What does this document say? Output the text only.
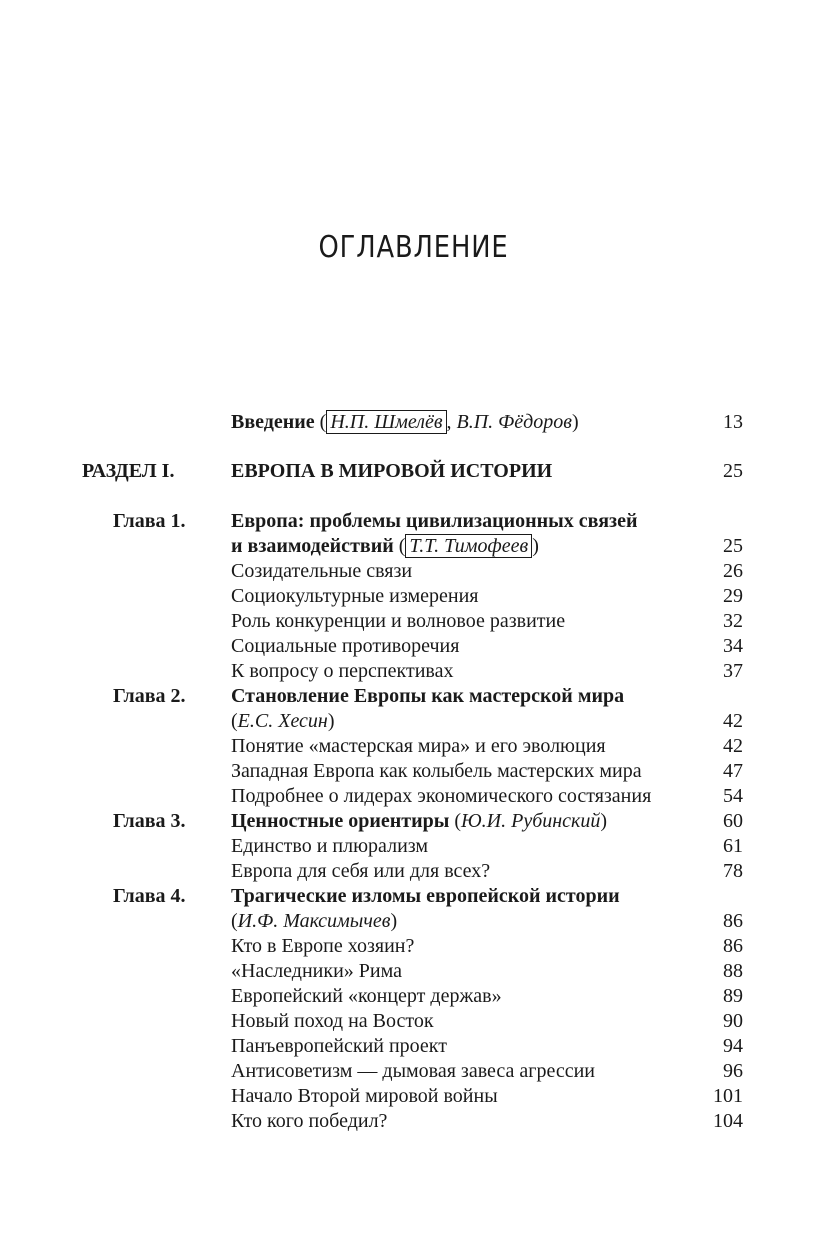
ОГЛАВЛЕНИЕ
Введение ( Н.П. Шмелёв , В.П. Фёдоров)	13
РАЗДЕЛ I.	ЕВРОПА В МИРОВОЙ ИСТОРИИ	25
Глава 1.	Европа: проблемы цивилизационных связей
и взаимодействий ( Т.Т. Тимофеев )	25
Созидательные связи	26
Социокультурные измерения	29
Роль конкуренции и волновое развитие	32
Социальные противоречия	34
К вопросу о перспективах	37
Глава 2.	Становление Европы как мастерской мира
(Е.С. Хесин)	42
Понятие «мастерская мира» и его эволюция	42
Западная Европа как колыбель мастерских мира	47
Подробнее о лидерах экономического состязания	54
Глава 3.	Ценностные ориентиры (Ю.И. Рубинский)	60
Единство и плюрализм	61
Европа для себя или для всех?	78
Глава 4.	Трагические изломы европейской истории
(И.Ф. Максимычев)	86
Кто в Европе хозяин?	86
«Наследники» Рима	88
Европейский «концерт держав»	89
Новый поход на Восток	90
Панъевропейский проект	94
Антисоветизм — дымовая завеса агрессии	96
Начало Второй мировой войны	101
Кто кого победил?	104
